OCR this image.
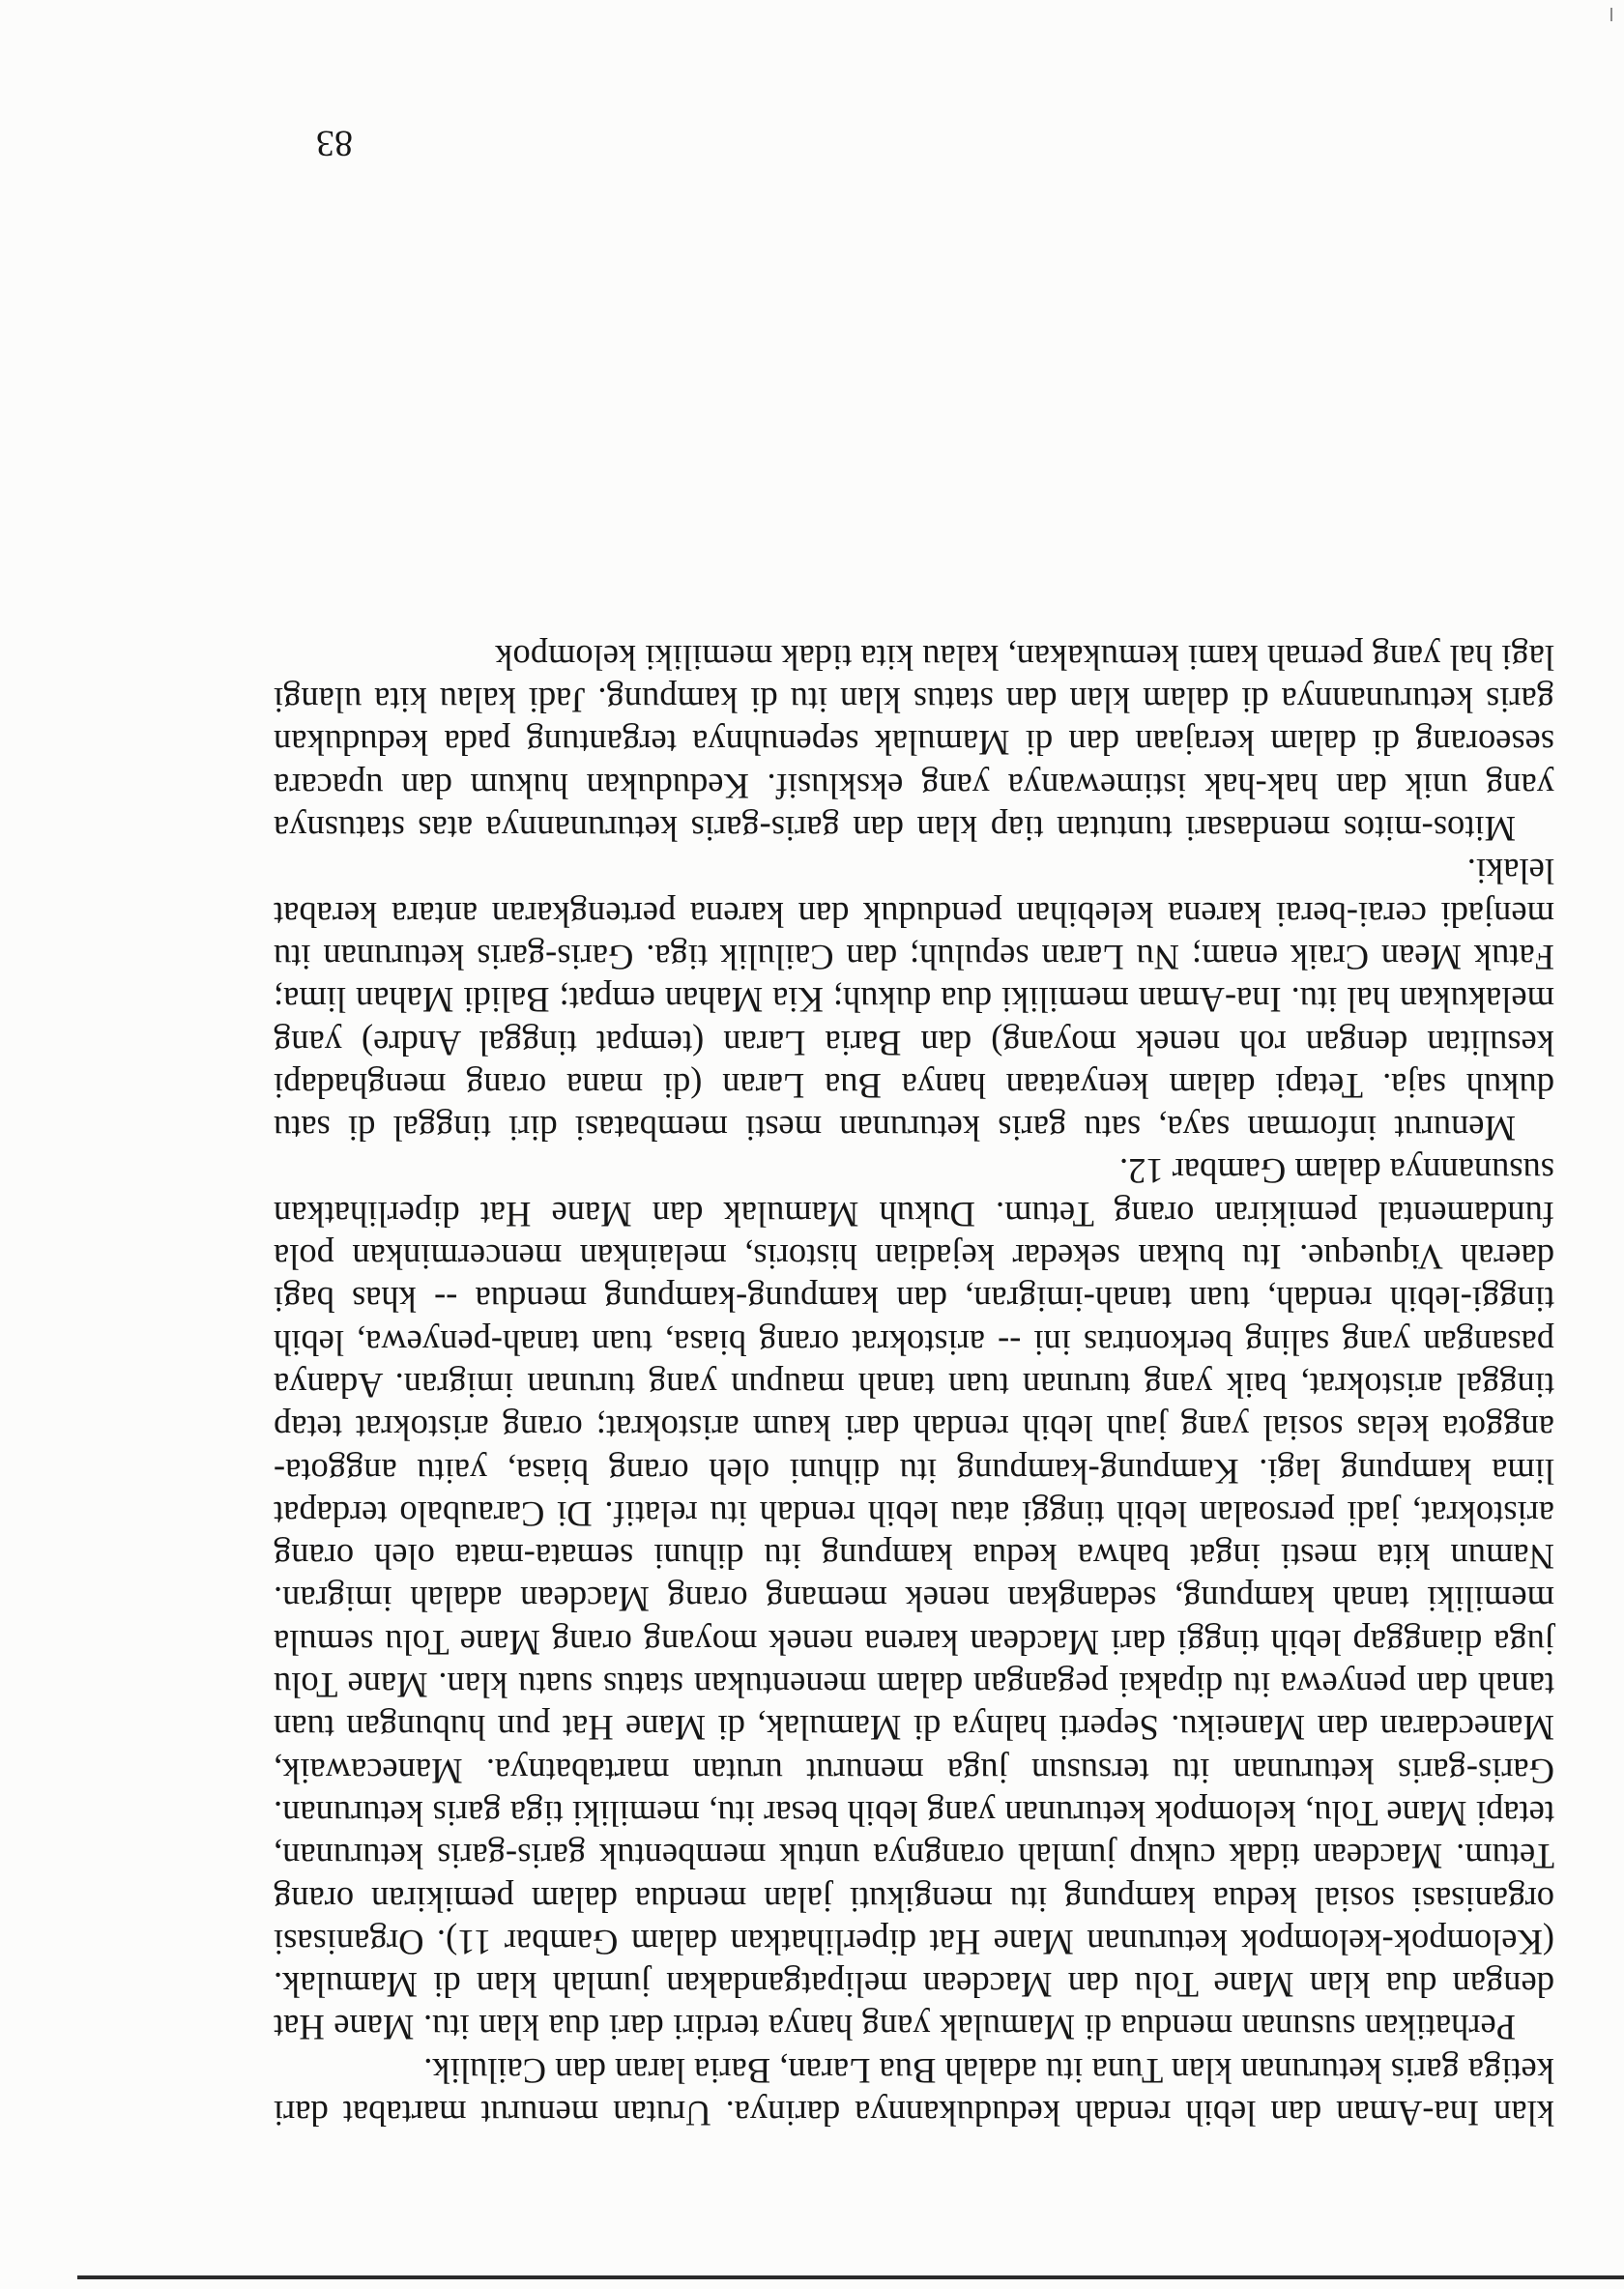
klan Ina-Aman dan lebih rendah kedudukannya darinya. Urutan menurut martabat dari ketiga garis keturunan klan Tuna itu adalah Bua Laran, Baria laran dan Cailulik.

Perhatikan susunan mendua di Mamulak yang hanya terdiri dari dua klan itu. Mane Hat dengan dua klan Mane Tolu dan Macdean melipatgandakan jumlah klan di Mamulak. (Kelompok-kelompok keturunan Mane Hat diperlihatkan dalam Gambar 11). Organisasi organisasi sosial kedua kampung itu mengikuti jalan mendua dalam pemikiran orang Tetum. Macdean tidak cukup jumlah orangnya untuk membentuk garis-garis keturunan, tetapi Mane Tolu, kelompok keturunan yang lebih besar itu, memiliki tiga garis keturunan. Garis-garis keturunan itu tersusun juga menurut urutan martabatnya. Manecawaik, Manecdaran dan Maneiku. Seperti halnya di Mamulak, di Mane Hat pun hubungan tuan tanah dan penyewa itu dipakai pegangan dalam menentukan status suatu klan. Mane Tolu juga dianggap lebih tinggi dari Macdean karena nenek moyang orang Mane Tolu semula memiliki tanah kampung, sedangkan nenek memang orang Macdean adalah imigran. Namun kita mesti ingat bahwa kedua kampung itu dihuni semata-mata oleh orang aristokrat, jadi persoalan lebih tinggi atau lebih rendah itu relatif. Di Caraubalo terdapat lima kampung lagi. Kampung-kampung itu dihuni oleh orang biasa, yaitu anggota-anggota kelas sosial yang jauh lebih rendah dari kaum aristokrat; orang aristokrat tetap tinggal aristokrat, baik yang turunan tuan tanah maupun yang turunan imigran. Adanya pasangan yang saling berkontras ini -- aristokrat orang biasa, tuan tanah-penyewa, lebih tinggi-lebih rendah, tuan tanah-imigran, dan kampung-kampung mendua -- khas bagi daerah Viqueque. Itu bukan sekedar kejadian historis, melainkan mencerminkan pola fundamental pemikiran orang Tetum. Dukuh Mamulak dan Mane Hat diperlihatkan susunannya dalam Gambar 12.

Menurut informan saya, satu garis keturunan mesti membatasi diri tinggal di satu dukuh saja. Tetapi dalam kenyataan hanya Bua Laran (di mana orang menghadapi kesulitan dengan roh nenek moyang) dan Baria Laran (tempat tinggal Andre) yang melakukan hal itu. Ina-Aman memiliki dua dukuh; Kia Mahan empat; Balidi Mahan lima; Fatuk Mean Craik enam; Nu Laran sepuluh; dan Cailulik tiga. Garis-garis keturunan itu menjadi cerai-berai karena kelebihan penduduk dan karena pertengkaran antara kerabat lelaki.

Mitos-mitos mendasari tuntutan tiap klan dan garis-garis keturunannya atas statusnya yang unik dan hak-hak istimewanya yang eksklusif. Kedudukan hukum dan upacara seseorang di dalam kerajaan dan di Mamulak sepenuhnya tergantung pada kedudukan garis keturunannya di dalam klan dan status klan itu di kampung. Jadi kalau kita ulangi lagi hal yang pernah kami kemukakan, kalau kita tidak memiliki kelompok

83
